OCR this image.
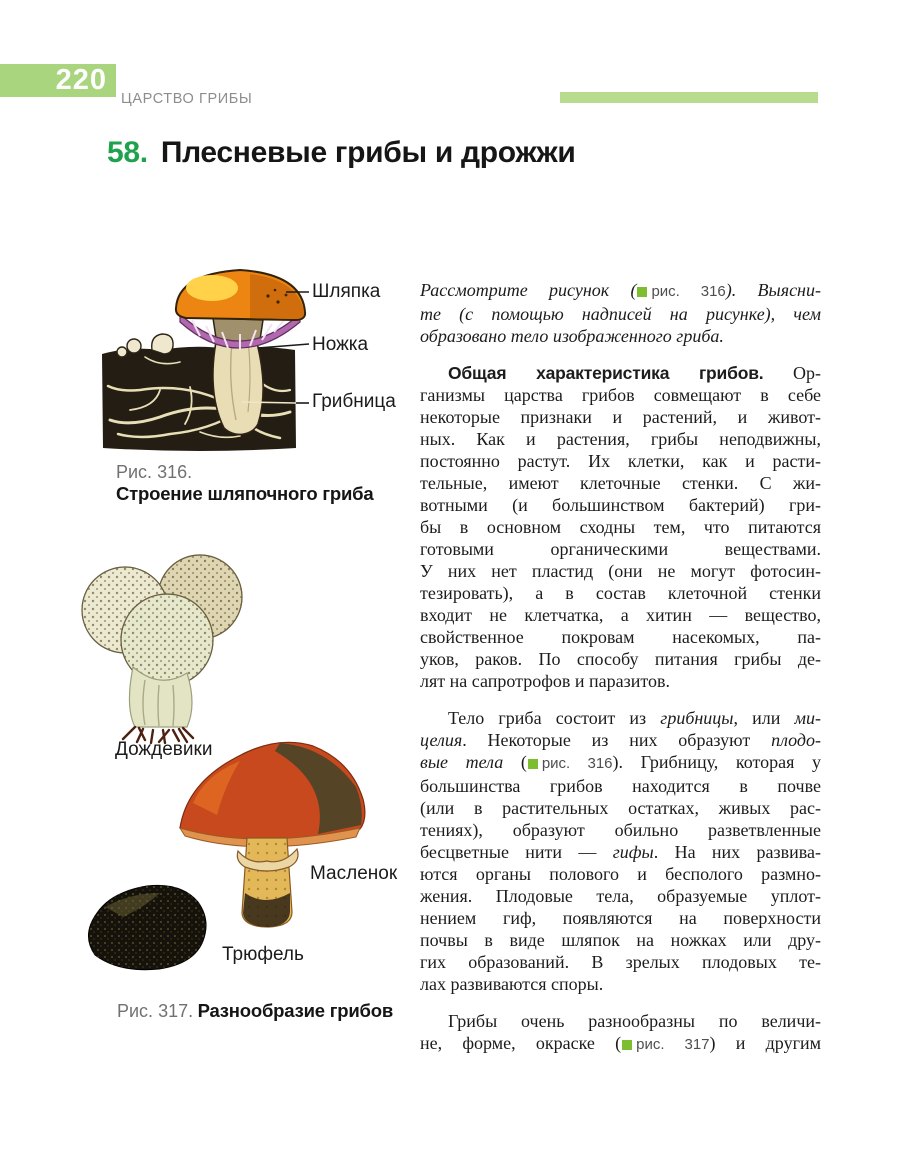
220
ЦАРСТВО ГРИБЫ
58. Плесневые грибы и дрожжи
Шляпка
Ножка
Грибница
Рис. 316.
Строение шляпочного гриба
Дождевики
Масленок
Трюфель
Рис. 317. Разнообразие грибов
Рассмотрите рисунок ( рис. 316). Выясни-
те (с помощью надписей на рисунке), чем
образовано тело изображенного гриба.
Общая характеристика грибов. Ор-
ганизмы царства грибов совмещают в себе
некоторые признаки и растений, и живот-
ных. Как и растения, грибы неподвижны,
постоянно растут. Их клетки, как и расти-
тельные, имеют клеточные стенки. С жи-
вотными (и большинством бактерий) гри-
бы в основном сходны тем, что питаются
готовыми органическими веществами.
У них нет пластид (они не могут фотосин-
тезировать), а в состав клеточной стенки
входит не клетчатка, а хитин — вещество,
свойственное покровам насекомых, па-
уков, раков. По способу питания грибы де-
лят на сапротрофов и паразитов.
Тело гриба состоит из грибницы, или ми-
целия. Некоторые из них образуют плодо-
вые тела ( рис. 316). Грибницу, которая у
большинства грибов находится в почве
(или в растительных остатках, живых рас-
тениях), образуют обильно разветвленные
бесцветные нити — гифы. На них развива-
ются органы полового и бесполого размно-
жения. Плодовые тела, образуемые уплот-
нением гиф, появляются на поверхности
почвы в виде шляпок на ножках или дру-
гих образований. В зрелых плодовых те-
лах развиваются споры.
Грибы очень разнообразны по величи-
не, форме, окраске ( рис. 317) и другим
